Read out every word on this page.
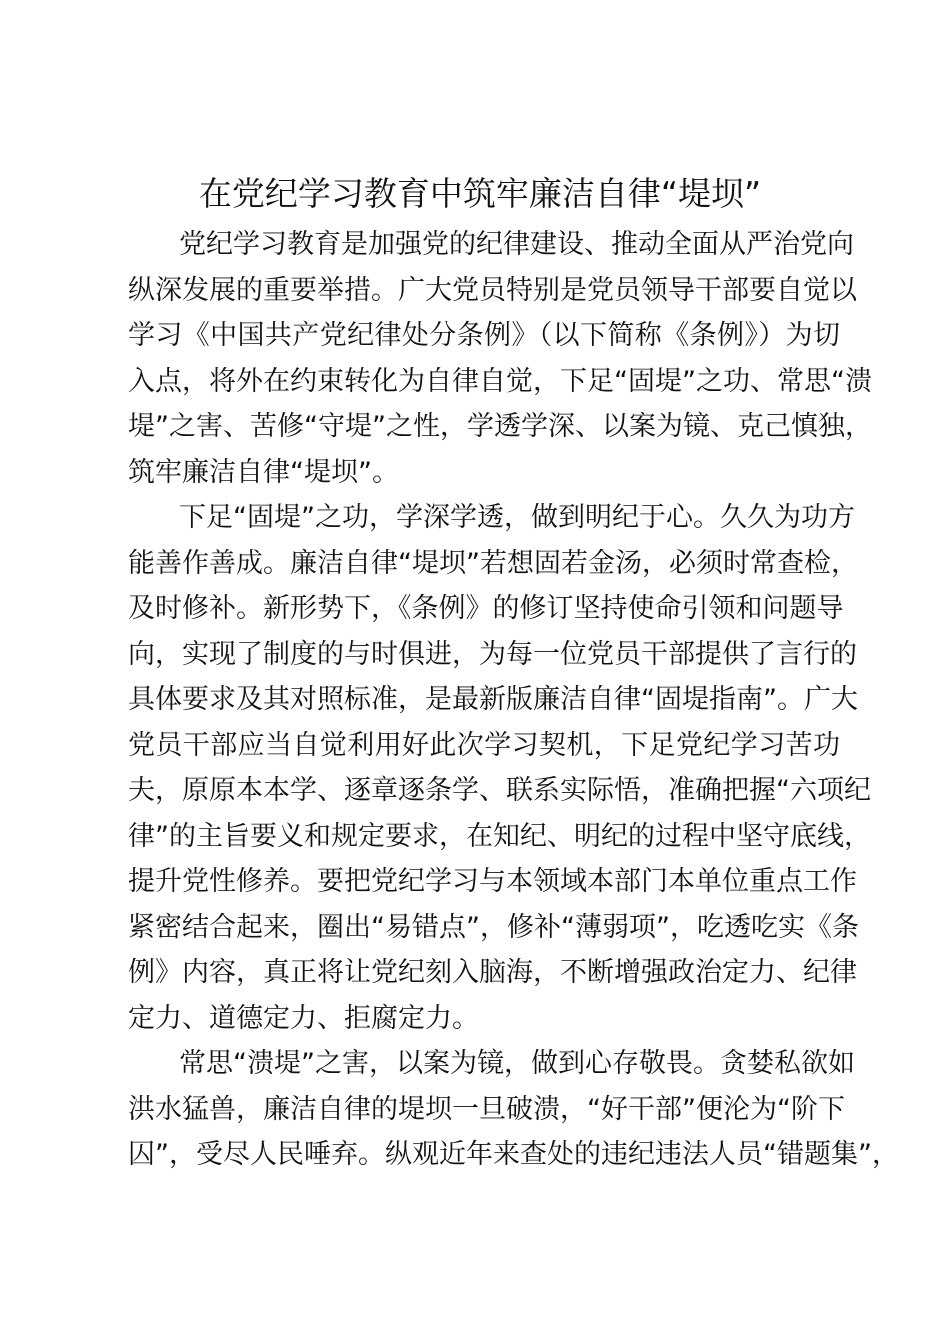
在党纪学习教育中筑牢廉洁自律“堤坝”
党纪学习教育是加强党的纪律建设、推动全面从严治党向
纵深发展的重要举措。广大党员特别是党员领导干部要自觉以
学习《中国共产党纪律处分条例》（以下简称《条例》）为切
入点，将外在约束转化为自律自觉，下足“固堤”之功、常思“溃
堤”之害、苦修“守堤”之性，学透学深、以案为镜、克己慎独，
筑牢廉洁自律“堤坝”。
下足“固堤”之功，学深学透，做到明纪于心。久久为功方
能善作善成。廉洁自律“堤坝”若想固若金汤，必须时常查检，
及时修补。新形势下，《条例》的修订坚持使命引领和问题导
向，实现了制度的与时俱进，为每一位党员干部提供了言行的
具体要求及其对照标准，是最新版廉洁自律“固堤指南”。广大
党员干部应当自觉利用好此次学习契机，下足党纪学习苦功
夫，原原本本学、逐章逐条学、联系实际悟，准确把握“六项纪
律”的主旨要义和规定要求，在知纪、明纪的过程中坚守底线，
提升党性修养。要把党纪学习与本领域本部门本单位重点工作
紧密结合起来，圈出“易错点”，修补“薄弱项”，吃透吃实《条
例》内容，真正将让党纪刻入脑海，不断增强政治定力、纪律
定力、道德定力、拒腐定力。
常思“溃堤”之害，以案为镜，做到心存敬畏。贪婪私欲如
洪水猛兽，廉洁自律的堤坝一旦破溃，“好干部”便沦为“阶下
囚”，受尽人民唾弃。纵观近年来查处的违纪违法人员“错题集”，
